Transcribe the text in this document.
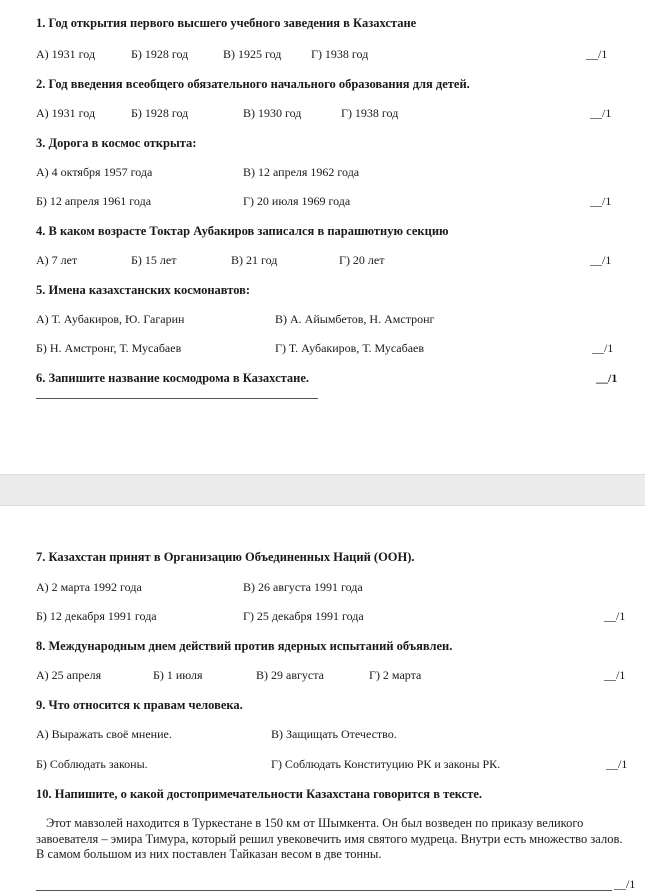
1. Год открытия первого высшего учебного заведения в Казахстане
А) 1931 год	Б) 1928 год	В) 1925 год Г) 1938 год	__/1
2. Год введения всеобщего обязательного начального образования для детей.
А) 1931 год	Б) 1928 год	В) 1930 год	Г) 1938 год	__/1
3. Дорога в космос открыта:
А) 4 октября 1957 года	В) 12 апреля 1962 года
Б) 12 апреля 1961 года	Г) 20 июля 1969 года	__/1
4. В каком возрасте Токтар Аубакиров записался в парашютную секцию
А) 7 лет	Б) 15 лет	В) 21 год	Г) 20 лет	__/1
5. Имена казахстанских космонавтов:
А) Т. Аубакиров, Ю. Гагарин	В) А. Айымбетов, Н. Амстронг
Б) Н. Амстронг, Т. Мусабаев	Г) Т. Аубакиров, Т. Мусабаев	__/1
6. Запишите название космодрома в Казахстане.	__/1
7. Казахстан принят в Организацию Объединенных Наций (ООН).
А) 2 марта 1992 года	В) 26 августа 1991 года
Б) 12 декабря 1991 года	Г) 25 декабря 1991 года	__/1
8. Международным днем действий против ядерных испытаний объявлен.
А) 25 апреля	Б) 1 июля	В) 29 августа	Г) 2 марта	__/1
9. Что относится к правам человека.
А) Выражать своё мнение.	В) Защищать Отечество.
Б) Соблюдать законы.	Г) Соблюдать Конституцию РК и законы РК.	__/1
10. Напишите, о какой достопримечательности Казахстана говорится в тексте.
Этот мавзолей находится в Туркестане в 150 км от Шымкента. Он был возведен по приказу великого завоевателя – эмира Тимура, который решил увековечить имя святого мудреца. Внутри есть множество залов. В самом большом из них поставлен Тайказан весом в две тонны.
__/1
